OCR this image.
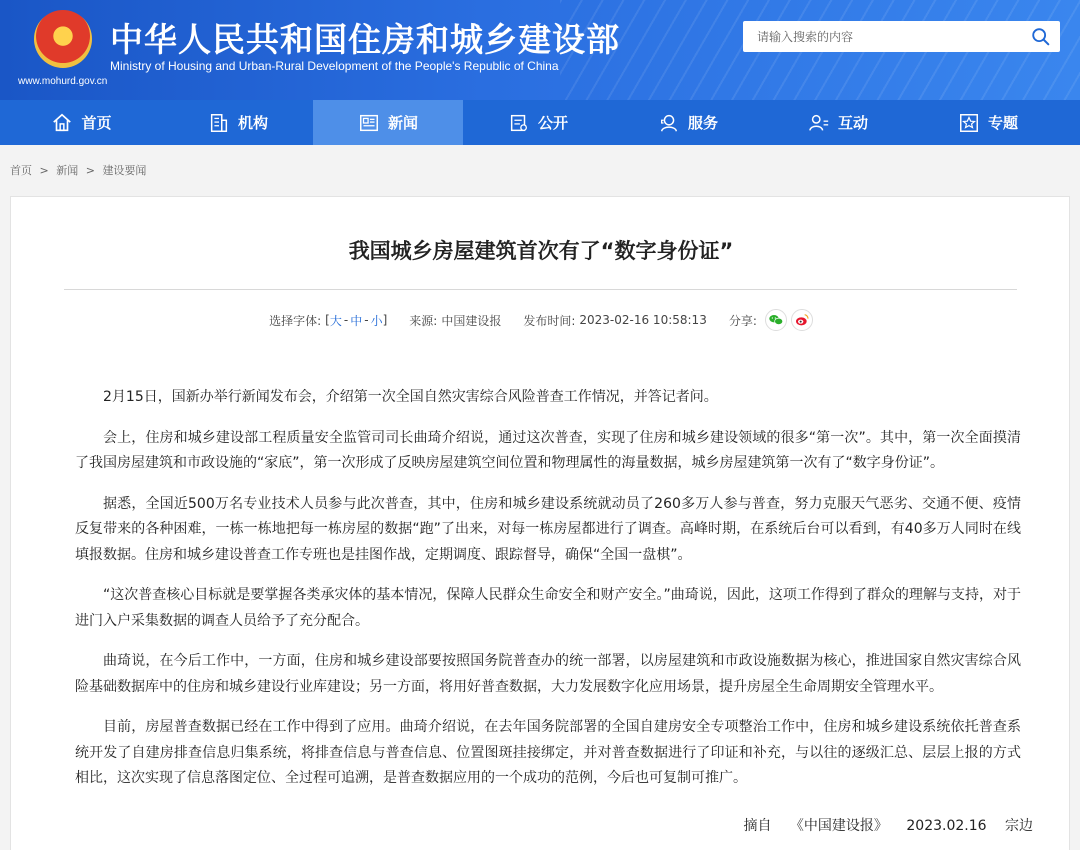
★	中华人民共和国住房和城乡建设部
Ministry of Housing and Urban-Rural Development of the People's Republic of China
www.mohurd.gov.cn
请输入搜索的内容
首页	机构	新闻	公开	服务	互动	专题
首页 > 新闻 > 建设要闻
我国城乡房屋建筑首次有了“数字身份证”
选择字体: [ 大 - 中 - 小 ] 来源: 中国建设报 发布时间: 2023-02-16 10:58:13 分享:

2月15日，国新办举行新闻发布会，介绍第一次全国自然灾害综合风险普查工作情况，并答记者问。

会上，住房和城乡建设部工程质量安全监管司司长曲琦介绍说，通过这次普查，实现了住房和城乡建设领域的很多“第一次”。其中，第一次全面摸清了我国房屋建筑和市政设施的“家底”，第一次形成了反映房屋建筑空间位置和物理属性的海量数据，城乡房屋建筑第一次有了“数字身份证”。

据悉，全国近500万名专业技术人员参与此次普查，其中，住房和城乡建设系统就动员了260多万人参与普查，努力克服天气恶劣、交通不便、疫情反复带来的各种困难，一栋一栋地把每一栋房屋的数据“跑”了出来，对每一栋房屋都进行了调查。高峰时期，在系统后台可以看到，有40多万人同时在线填报数据。住房和城乡建设普查工作专班也是挂图作战，定期调度、跟踪督导，确保“全国一盘棋”。

“这次普查核心目标就是要掌握各类承灾体的基本情况，保障人民群众生命安全和财产安全。”曲琦说，因此，这项工作得到了群众的理解与支持，对于进门入户采集数据的调查人员给予了充分配合。

曲琦说，在今后工作中，一方面，住房和城乡建设部要按照国务院普查办的统一部署，以房屋建筑和市政设施数据为核心，推进国家自然灾害综合风险基础数据库中的住房和城乡建设行业库建设；另一方面，将用好普查数据，大力发展数字化应用场景，提升房屋全生命周期安全管理水平。

目前，房屋普查数据已经在工作中得到了应用。曲琦介绍说，在去年国务院部署的全国自建房安全专项整治工作中，住房和城乡建设系统依托普查系统开发了自建房排查信息归集系统，将排查信息与普查信息、位置图斑挂接绑定，并对普查数据进行了印证和补充，与以往的逐级汇总、层层上报的方式相比，这次实现了信息落图定位、全过程可追溯，是普查数据应用的一个成功的范例，今后也可复制可推广。

摘自 《中国建设报》 2023.02.16 宗边
